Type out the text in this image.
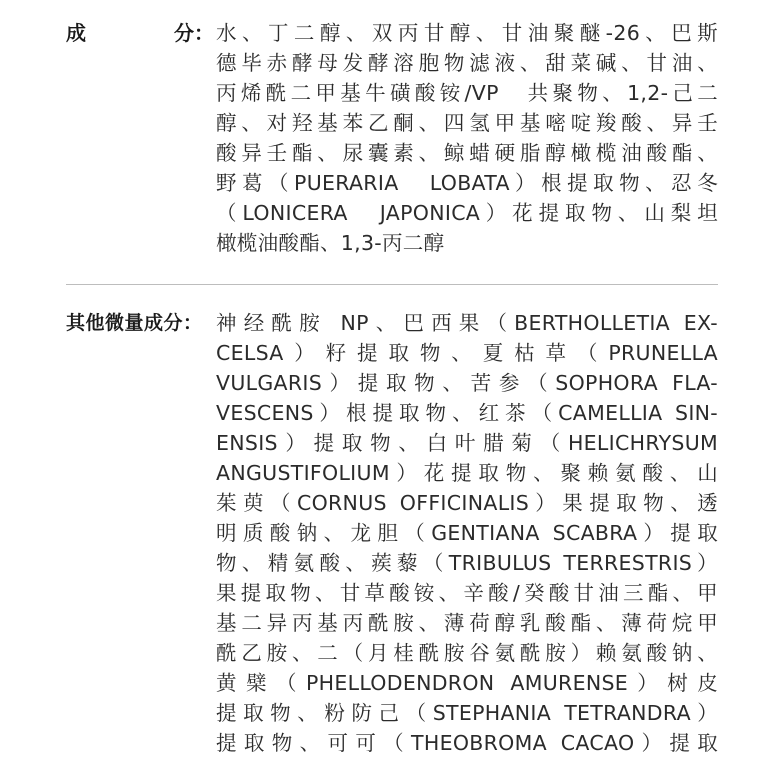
成	分： 水、丁二醇、双丙甘醇、甘油聚醚-26、巴斯
德毕赤酵母发酵溶胞物滤液、甜菜碱、甘油、
丙烯酰二甲基牛磺酸铵/VP　共聚物、1,2-己二
醇、对羟基苯乙酮、四氢甲基嘧啶羧酸、异壬
酸异壬酯、尿囊素、鲸蜡硬脂醇橄榄油酸酯、
野葛（PUERARIA　LOBATA）根提取物、忍冬
（LONICERA　JAPONICA）花提取物、山梨坦
橄榄油酸酯、1,3-丙二醇
其他微量成分： 神经酰胺 NP、巴西果（BERTHOLLETIA EX-
CELSA）籽提取物、夏枯草（PRUNELLA
VULGARIS）提取物、苦参（SOPHORA FLA-
VESCENS）根提取物、红茶（CAMELLIA SIN-
ENSIS）提取物、白叶腊菊（HELICHRYSUM
ANGUSTIFOLIUM）花提取物、聚赖氨酸、山
茱萸（CORNUS OFFICINALIS）果提取物、透
明质酸钠、龙胆（GENTIANA SCABRA）提取
物、精氨酸、蒺藜（TRIBULUS TERRESTRIS）
果提取物、甘草酸铵、辛酸/癸酸甘油三酯、甲
基二异丙基丙酰胺、薄荷醇乳酸酯、薄荷烷甲
酰乙胺、二（月桂酰胺谷氨酰胺）赖氨酸钠、
黄檗（PHELLODENDRON AMURENSE）树皮
提取物、粉防己（STEPHANIA TETRANDRA）
提取物、可可（THEOBROMA CACAO）提取
